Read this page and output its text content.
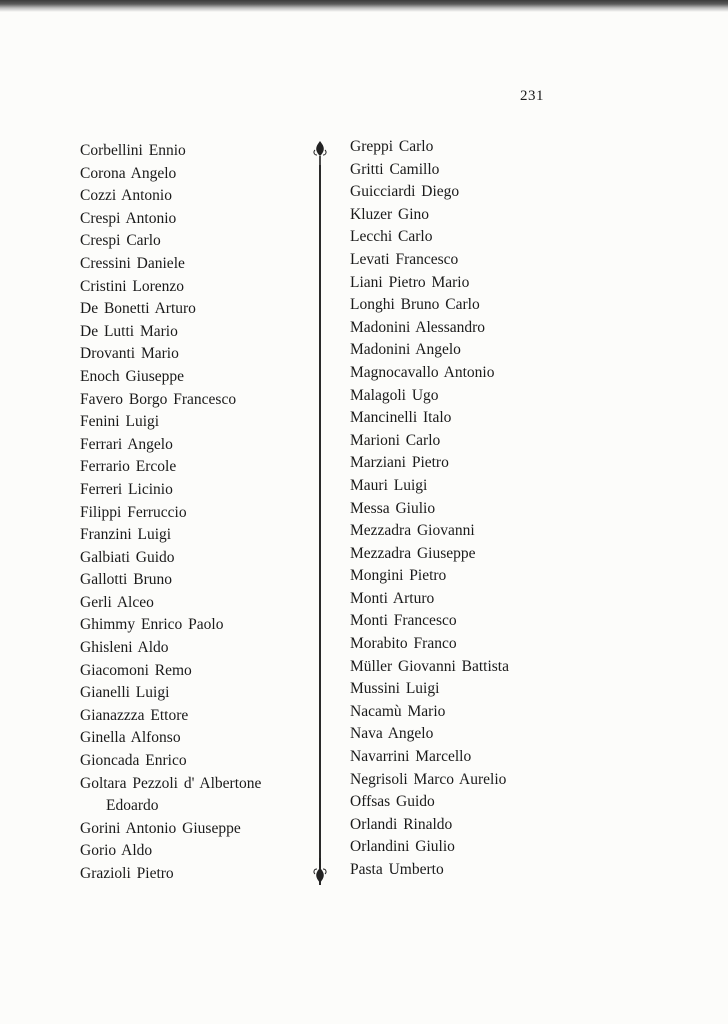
231
Corbellini Ennio
Corona Angelo
Cozzi Antonio
Crespi Antonio
Crespi Carlo
Cressini Daniele
Cristini Lorenzo
De Bonetti Arturo
De Lutti Mario
Drovanti Mario
Enoch Giuseppe
Favero Borgo Francesco
Fenini Luigi
Ferrari Angelo
Ferrario Ercole
Ferreri Licinio
Filippi Ferruccio
Franzini Luigi
Galbiati Guido
Gallotti Bruno
Gerli Alceo
Ghimmy Enrico Paolo
Ghisleni Aldo
Giacomoni Remo
Gianelli Luigi
Gianazzza Ettore
Ginella Alfonso
Gioncada Enrico
Goltara Pezzoli d' Albertone
Edoardo
Gorini Antonio Giuseppe
Gorio Aldo
Grazioli Pietro
Greppi Carlo
Gritti Camillo
Guicciardi Diego
Kluzer Gino
Lecchi Carlo
Levati Francesco
Liani Pietro Mario
Longhi Bruno Carlo
Madonini Alessandro
Madonini Angelo
Magnocavallo Antonio
Malagoli Ugo
Mancinelli Italo
Marioni Carlo
Marziani Pietro
Mauri Luigi
Messa Giulio
Mezzadra Giovanni
Mezzadra Giuseppe
Mongini Pietro
Monti Arturo
Monti Francesco
Morabito Franco
Müller Giovanni Battista
Mussini Luigi
Nacamù Mario
Nava Angelo
Navarrini Marcello
Negrisoli Marco Aurelio
Offsas Guido
Orlandi Rinaldo
Orlandini Giulio
Pasta Umberto
